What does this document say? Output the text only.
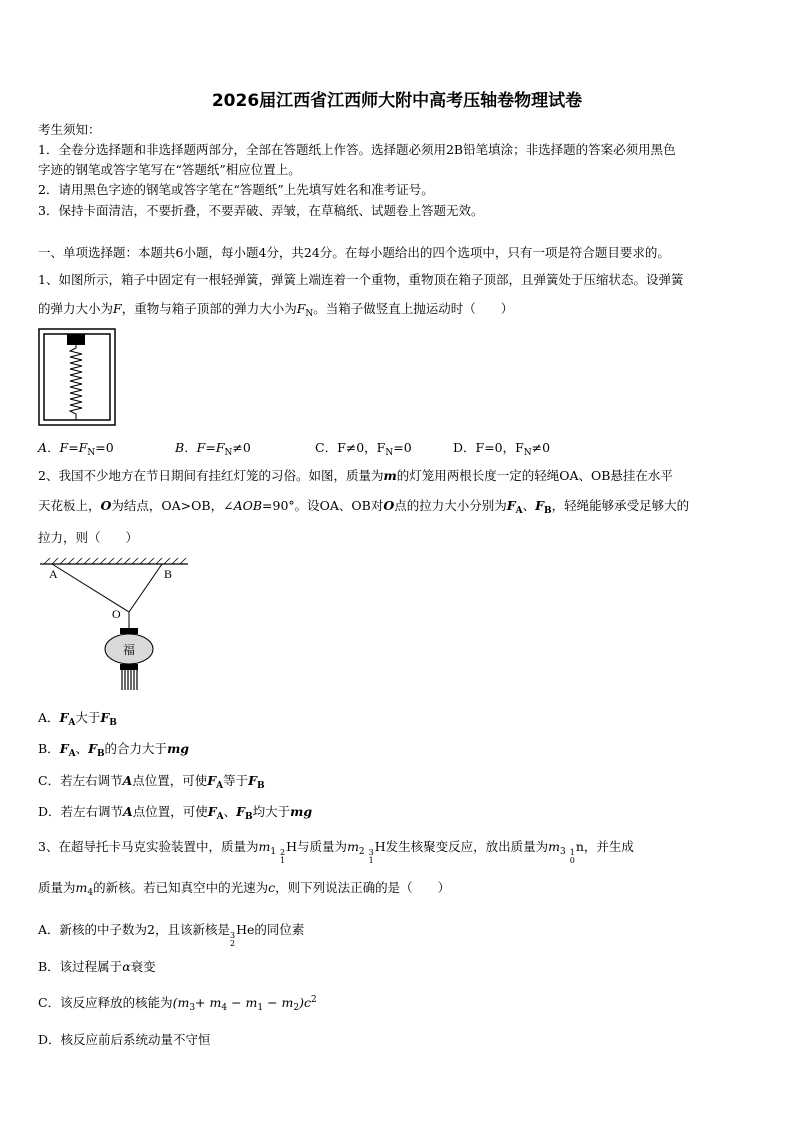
2026届江西省江西师大附中高考压轴卷物理试卷
考生须知：
1．全卷分选择题和非选择题两部分，全部在答题纸上作答。选择题必须用2B铅笔填涂；非选择题的答案必须用黑色
字迹的钢笔或答字笔写在“答题纸”相应位置上。
2．请用黑色字迹的钢笔或答字笔在“答题纸”上先填写姓名和准考证号。
3．保持卡面清洁，不要折叠，不要弄破、弄皱，在草稿纸、试题卷上答题无效。
一、单项选择题：本题共6小题，每小题4分，共24分。在每小题给出的四个选项中，只有一项是符合题目要求的。
1、如图所示，箱子中固定有一根轻弹簧，弹簧上端连着一个重物，重物顶在箱子顶部，且弹簧处于压缩状态。设弹簧
的弹力大小为F，重物与箱子顶部的弹力大小为$F_N$。当箱子做竖直上抛运动时（　　）
A．$F=F_N=0$	B．$F=F_N\ne 0$	C．F≠0，$F_N=0$	D．F=0，$F_N\ne 0$
2、我国不少地方在节日期间有挂红灯笼的习俗。如图，质量为m的灯笼用两根长度一定的轻绳OA、OB悬挂在水平
天花板上，O为结点，OA>OB，∠AOB=90°。设OA、OB对O点的拉力大小分别为$F_A$、$F_B$，轻绳能够承受足够大的
拉力，则（　　）
A	B
O
福
A．$F_A$大于$F_B$
B．$F_A$、$F_B$的合力大于mg
C．若左右调节A点位置，可使$F_A$等于$F_B$
D．若左右调节A点位置，可使$F_A$、$F_B$均大于mg
3、在超导托卡马克实验装置中，质量为$m_1$ 2
1
H与质量为$m_2$ 3
1
H发生核聚变反应，放出质量为$m_3$ 1
0
n，并生成
质量为$m_4$的新核。若已知真空中的光速为c，则下列说法正确的是（　　）
A．新核的中子数为2，且该新核是 3
2
He的同位素
B．该过程属于α衰变
C．该反应释放的核能为$(m_3+ m_4 - m_1 - m_2)c^2$
D．核反应前后系统动量不守恒
